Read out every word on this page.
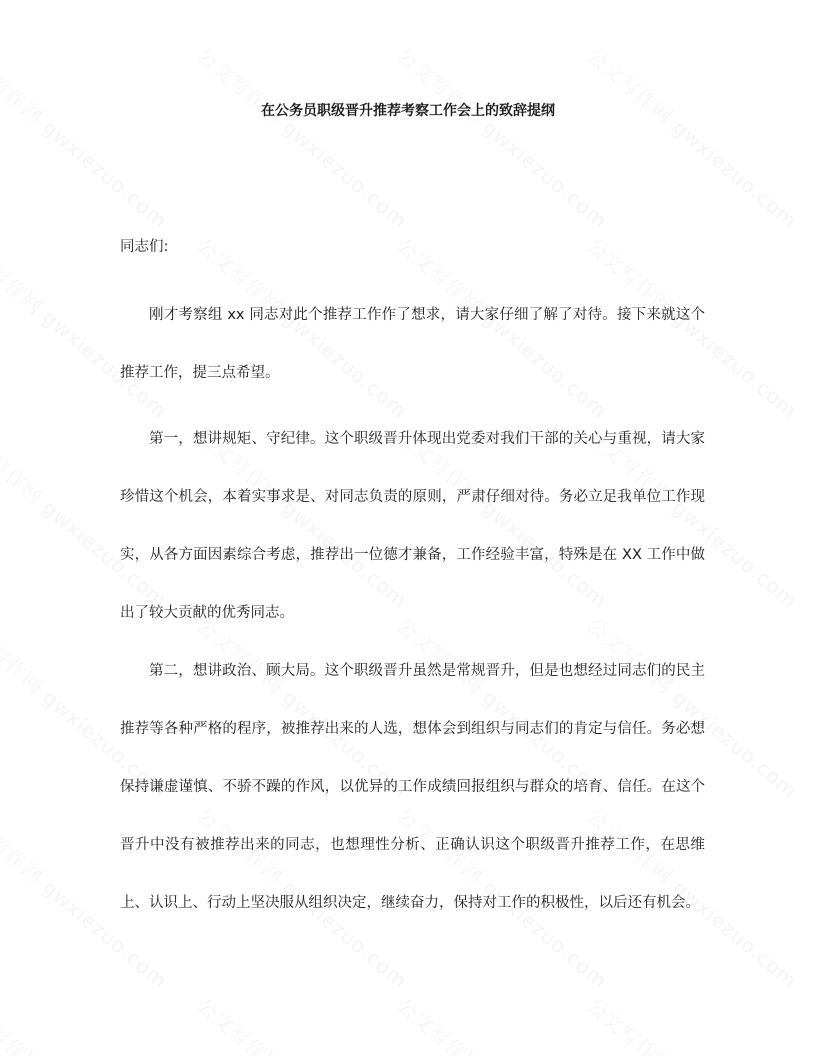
在公务员职级晋升推荐考察工作会上的致辞提纲

同志们:

刚才考察组 xx 同志对此个推荐工作作了想求，请大家仔细了解了对待。接下来就这个推荐工作，提三点希望。

第一，想讲规矩、守纪律。这个职级晋升体现出党委对我们干部的关心与重视，请大家珍惜这个机会，本着实事求是、对同志负责的原则，严肃仔细对待。务必立足我单位工作现实，从各方面因素综合考虑，推荐出一位德才兼备，工作经验丰富，特殊是在 XX 工作中做出了较大贡献的优秀同志。

第二，想讲政治、顾大局。这个职级晋升虽然是常规晋升，但是也想经过同志们的民主推荐等各种严格的程序，被推荐出来的人选，想体会到组织与同志们的肯定与信任。务必想保持谦虚谨慎、不骄不躁的作风，以优异的工作成绩回报组织与群众的培育、信任。在这个晋升中没有被推荐出来的同志，也想理性分析、正确认识这个职级晋升推荐工作，在思维上、认识上、行动上坚决服从组织决定，继续奋力，保持对工作的积极性，以后还有机会。
